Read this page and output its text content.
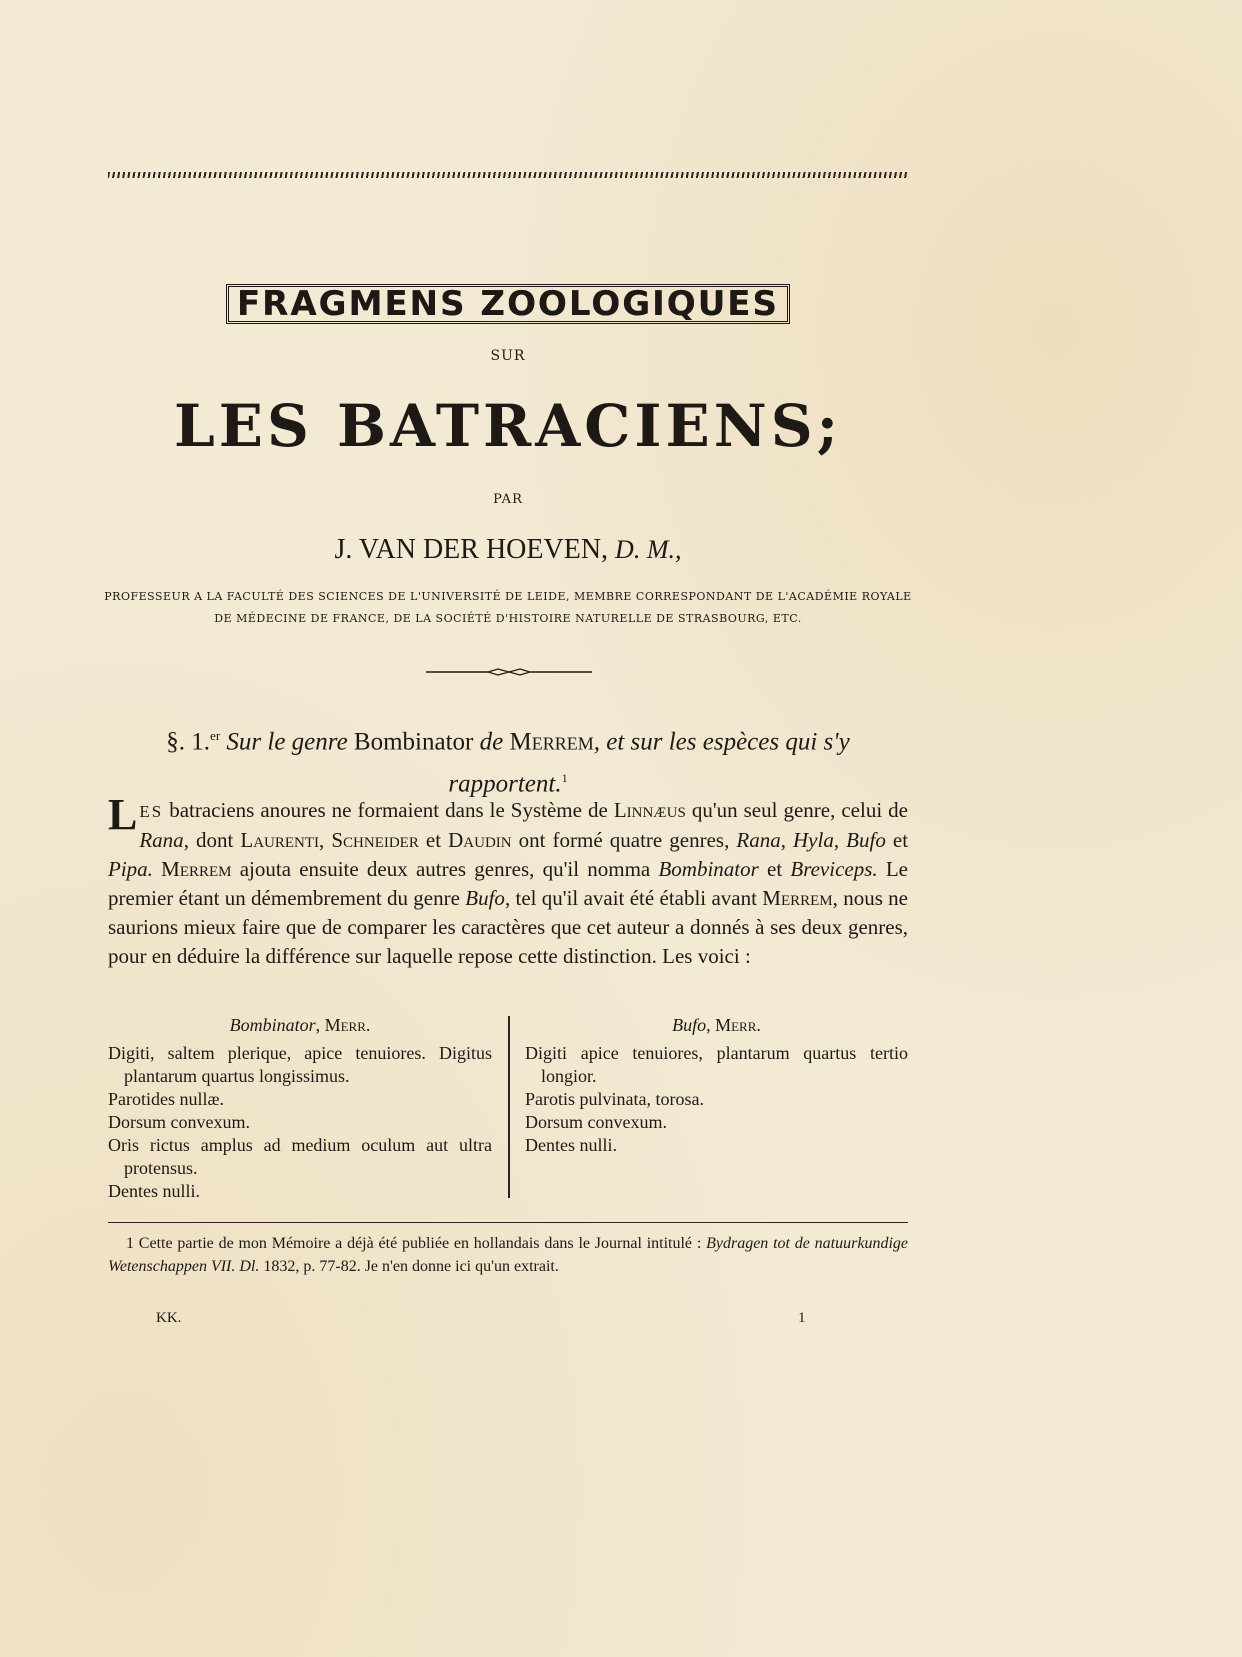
FRAGMENS ZOOLOGIQUES
SUR
LES BATRACIENS;
PAR
J. VAN DER HOEVEN, D. M.,
PROFESSEUR A LA FACULTÉ DES SCIENCES DE L'UNIVERSITÉ DE LEIDE, MEMBRE CORRESPONDANT DE L'ACADÉMIE ROYALE
DE MÉDECINE DE FRANCE, DE LA SOCIÉTÉ D'HISTOIRE NATURELLE DE STRASBOURG, ETC.
§. 1.$^{er}$ Sur le genre Bombinator de Merrem, et sur les espèces qui s'y
rapportent.$^1$
LES batraciens anoures ne formaient dans le Système de Linnæus qu'un seul genre, celui de Rana, dont Laurenti, Schneider et Daudin ont formé quatre genres, Rana, Hyla, Bufo et Pipa. Merrem ajouta ensuite deux autres genres, qu'il nomma Bombinator et Breviceps. Le premier étant un démembrement du genre Bufo, tel qu'il avait été établi avant Merrem, nous ne saurions mieux faire que de comparer les caractères que cet auteur a donnés à ses deux genres, pour en déduire la différence sur laquelle repose cette distinction. Les voici :
Bombinator, Merr.

Digiti, saltem plerique, apice tenuiores. Digitus plantarum quartus longissimus.

Parotides nullæ.

Dorsum convexum.

Oris rictus amplus ad medium oculum aut ultra protensus.

Dentes nulli.

Bufo, Merr.

Digiti apice tenuiores, plantarum quartus tertio longior.

Parotis pulvinata, torosa.

Dorsum convexum.

Dentes nulli.

1 Cette partie de mon Mémoire a déjà été publiée en hollandais dans le Journal intitulé : Bydragen tot de natuurkundige Wetenschappen VII. Dl. 1832, p. 77-82. Je n'en donne ici qu'un extrait.
KK.	1
